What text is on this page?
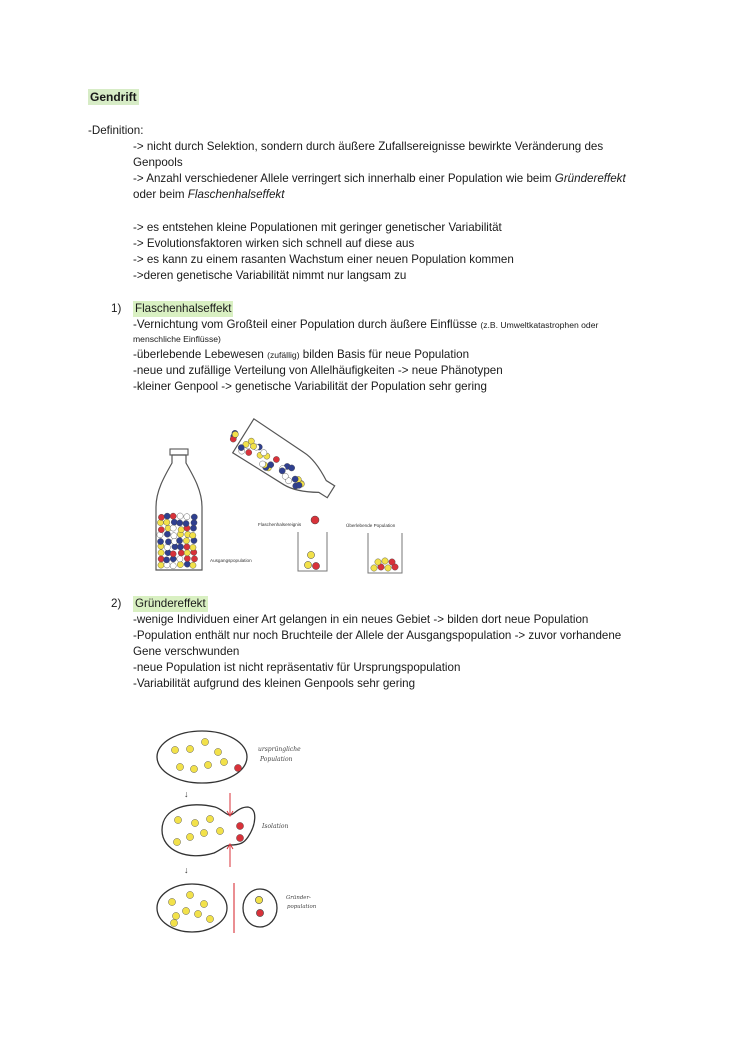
Gendrift
-Definition:
-> nicht durch Selektion, sondern durch äußere Zufallsereignisse bewirkte Veränderung des
Genpools
-> Anzahl verschiedener Allele verringert sich innerhalb einer Population wie beim Gründereffekt
oder beim Flaschenhalseffekt
-> es entstehen kleine Populationen mit geringer genetischer Variabilität
-> Evolutionsfaktoren wirken sich schnell auf diese aus
-> es kann zu einem rasanten Wachstum einer neuen Population kommen
->deren genetische Variabilität nimmt nur langsam zu
1) Flaschenhalseffekt
-Vernichtung vom Großteil einer Population durch äußere Einflüsse (z.B. Umweltkatastrophen oder
menschliche Einflüsse)
-überlebende Lebewesen (zufällig) bilden Basis für neue Population
-neue und zufällige Verteilung von Allelhäufigkeiten -> neue Phänotypen
-kleiner Genpool -> genetische Variabilität der Population sehr gering
Ausgangspopulation
Flaschenhalsereignis	Überlebende Population
2) Gründereffekt
-wenige Individuen einer Art gelangen in ein neues Gebiet -> bilden dort neue Population
-Population enthält nur noch Bruchteile der Allele der Ausgangspopulation -> zuvor vorhandene
Gene verschwunden
-neue Population ist nicht repräsentativ für Ursprungspopulation
-Variabilität aufgrund des kleinen Genpools sehr gering
ursprüngliche
Population
↓
Isolation
↓
Gründer-
population
